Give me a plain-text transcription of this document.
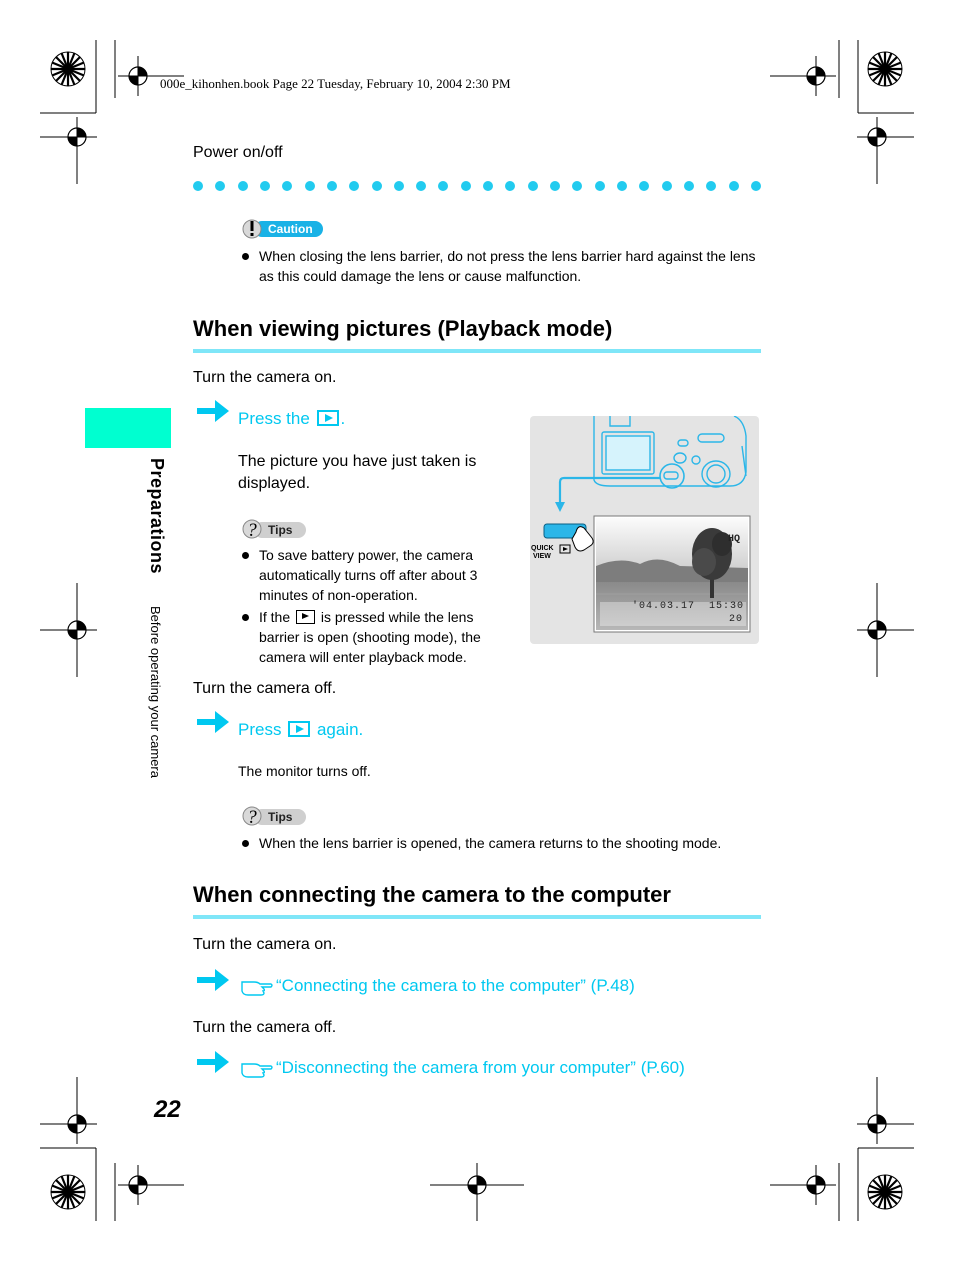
000e_kihonhen.book Page 22 Tuesday, February 10, 2004 2:30 PM
Power on/off
Caution
When closing the lens barrier, do not press the lens barrier hard against the lens as this could damage the lens or cause malfunction.
When viewing pictures (Playback mode)
Turn the camera on.
Press the .
The picture you have just taken is displayed.
? Tips
To save battery power, the camera automatically turns off after about 3 minutes of non-operation.
If the is pressed while the lens barrier is open (shooting mode), the camera will enter playback mode.
QUICK
VIEW
HQ
'04.03.17  15:30
20
Turn the camera off.
Press again.
The monitor turns off.
? Tips
When the lens barrier is opened, the camera returns to the shooting mode.
When connecting the camera to the computer
Turn the camera on.
“Connecting the camera to the computer” (P.48)
Turn the camera off.
“Disconnecting the camera from your computer” (P.60)
Preparations
Before operating your camera
22
